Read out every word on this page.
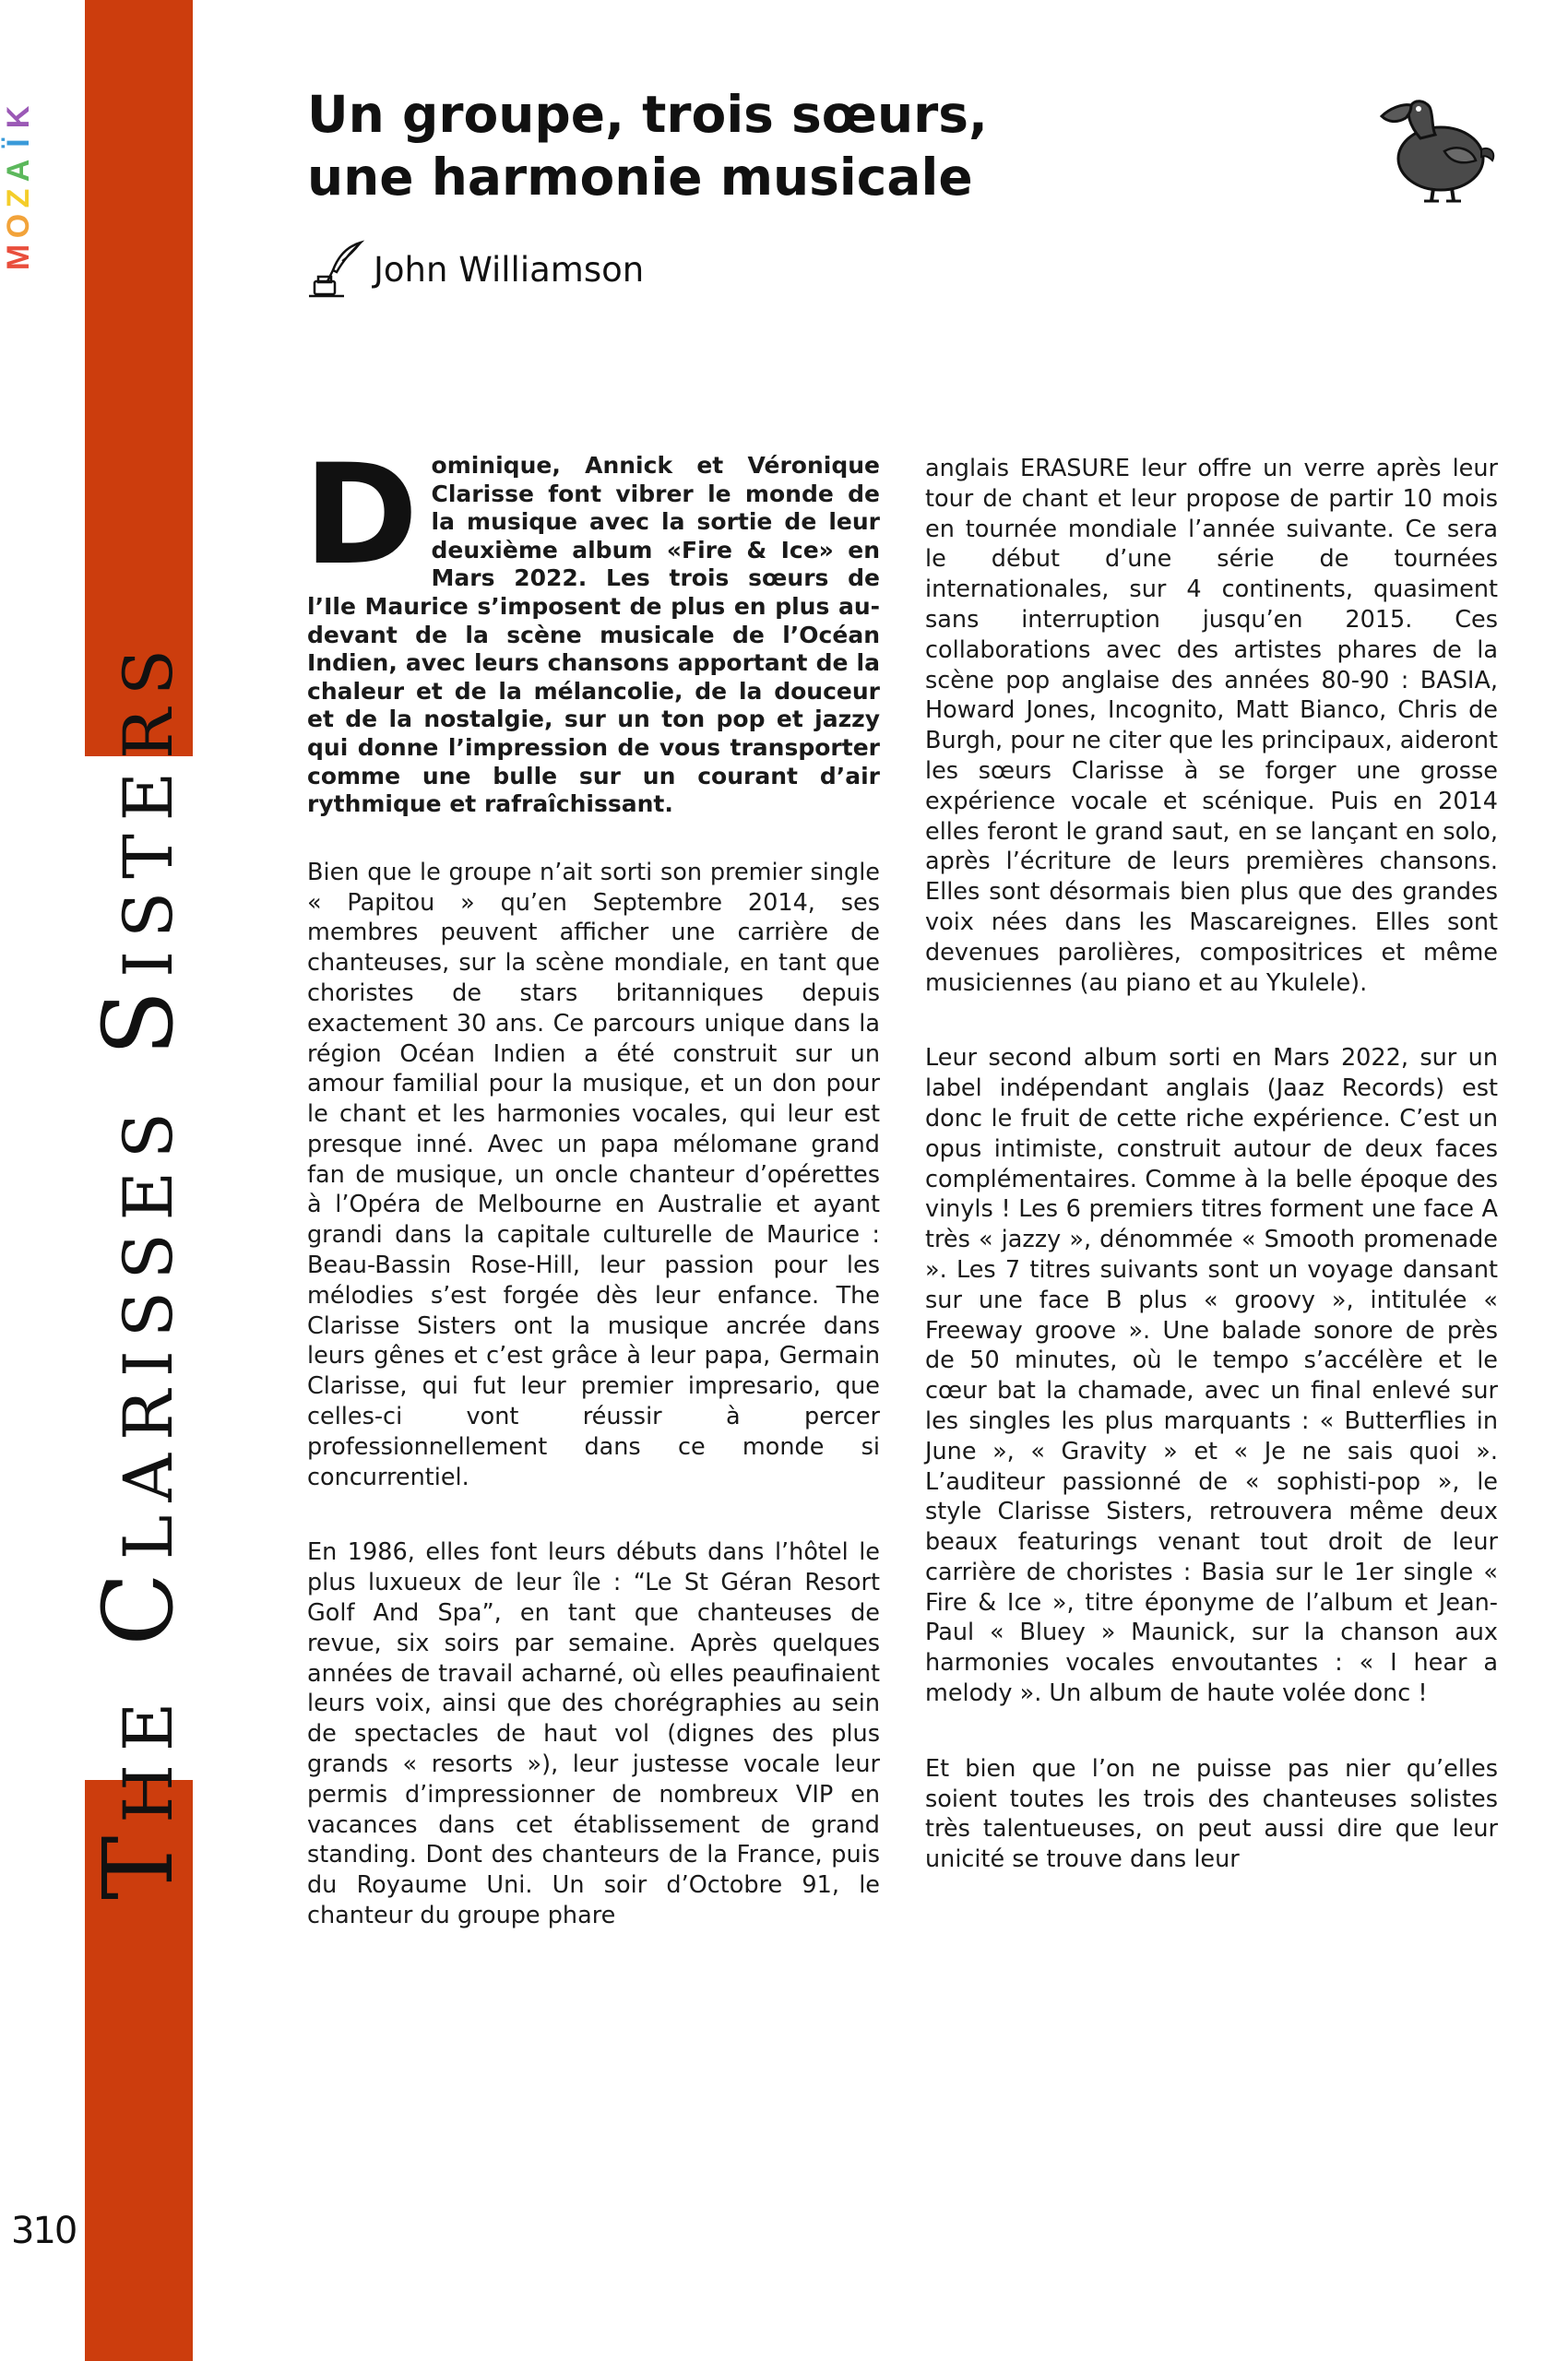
K
Ï
A
Z
O
M
The Clarisses Sisters
310
Un groupe, trois sœurs,
une harmonie musicale
John Williamson

Dominique, Annick et Véronique Clarisse font vibrer le monde de la musique avec la sortie de leur deuxième album «Fire & Ice» en Mars 2022. Les trois sœurs de l’Ile Maurice s’imposent de plus en plus au-devant de la scène musicale de l’Océan Indien, avec leurs chansons apportant de la chaleur et de la mélancolie, de la douceur et de la nostalgie, sur un ton pop et jazzy qui donne l’impression de vous transporter comme une bulle sur un courant d’air rythmique et rafraîchissant.

Bien que le groupe n’ait sorti son premier single « Papitou » qu’en Septembre 2014, ses membres peuvent afficher une carrière de chanteuses, sur la scène mondiale, en tant que choristes de stars britanniques depuis exactement 30 ans. Ce parcours unique dans la région Océan Indien a été construit sur un amour familial pour la musique, et un don pour le chant et les harmonies vocales, qui leur est presque inné. Avec un papa mélomane grand fan de musique, un oncle chanteur d’opérettes à l’Opéra de Melbourne en Australie et ayant grandi dans la capitale culturelle de Maurice : Beau-Bassin Rose-Hill, leur passion pour les mélodies s’est forgée dès leur enfance. The Clarisse Sisters ont la musique ancrée dans leurs gênes et c’est grâce à leur papa, Germain Clarisse, qui fut leur premier impresario, que celles-ci vont réussir à percer professionnellement dans ce monde si concurrentiel.

En 1986, elles font leurs débuts dans l’hôtel le plus luxueux de leur île : “Le St Géran Resort Golf And Spa”, en tant que chanteuses de revue, six soirs par semaine. Après quelques années de travail acharné, où elles peaufinaient leurs voix, ainsi que des chorégraphies au sein de spectacles de haut vol (dignes des plus grands « resorts »), leur justesse vocale leur permis d’impressionner de nombreux VIP en vacances dans cet établissement de grand standing. Dont des chanteurs de la France, puis du Royaume Uni. Un soir d’Octobre 91, le chanteur du groupe phare

anglais ERASURE leur offre un verre après leur tour de chant et leur propose de partir 10 mois en tournée mondiale l’année suivante. Ce sera le début d’une série de tournées internationales, sur 4 continents, quasiment sans interruption jusqu’en 2015. Ces collaborations avec des artistes phares de la scène pop anglaise des années 80-90 : BASIA, Howard Jones, Incognito, Matt Bianco, Chris de Burgh, pour ne citer que les principaux, aideront les sœurs Clarisse à se forger une grosse expérience vocale et scénique. Puis en 2014 elles feront le grand saut, en se lançant en solo, après l’écriture de leurs premières chansons. Elles sont désormais bien plus que des grandes voix nées dans les Mascareignes. Elles sont devenues parolières, compositrices et même musiciennes (au piano et au Ykulele).

Leur second album sorti en Mars 2022, sur un label indépendant anglais (Jaaz Records) est donc le fruit de cette riche expérience. C’est un opus intimiste, construit autour de deux faces complémentaires. Comme à la belle époque des vinyls ! Les 6 premiers titres forment une face A très « jazzy », dénommée « Smooth promenade ». Les 7 titres suivants sont un voyage dansant sur une face B plus « groovy », intitulée « Freeway groove ». Une balade sonore de près de 50 minutes, où le tempo s’accélère et le cœur bat la chamade, avec un final enlevé sur les singles les plus marquants : « Butterflies in June », « Gravity » et « Je ne sais quoi ». L’auditeur passionné de « sophisti-pop », le style Clarisse Sisters, retrouvera même deux beaux featurings venant tout droit de leur carrière de choristes : Basia sur le 1er single « Fire & Ice », titre éponyme de l’album et Jean-Paul « Bluey » Maunick, sur la chanson aux harmonies vocales envoutantes : « I hear a melody ». Un album de haute volée donc !

Et bien que l’on ne puisse pas nier qu’elles soient toutes les trois des chanteuses solistes très talentueuses, on peut aussi dire que leur unicité se trouve dans leur
